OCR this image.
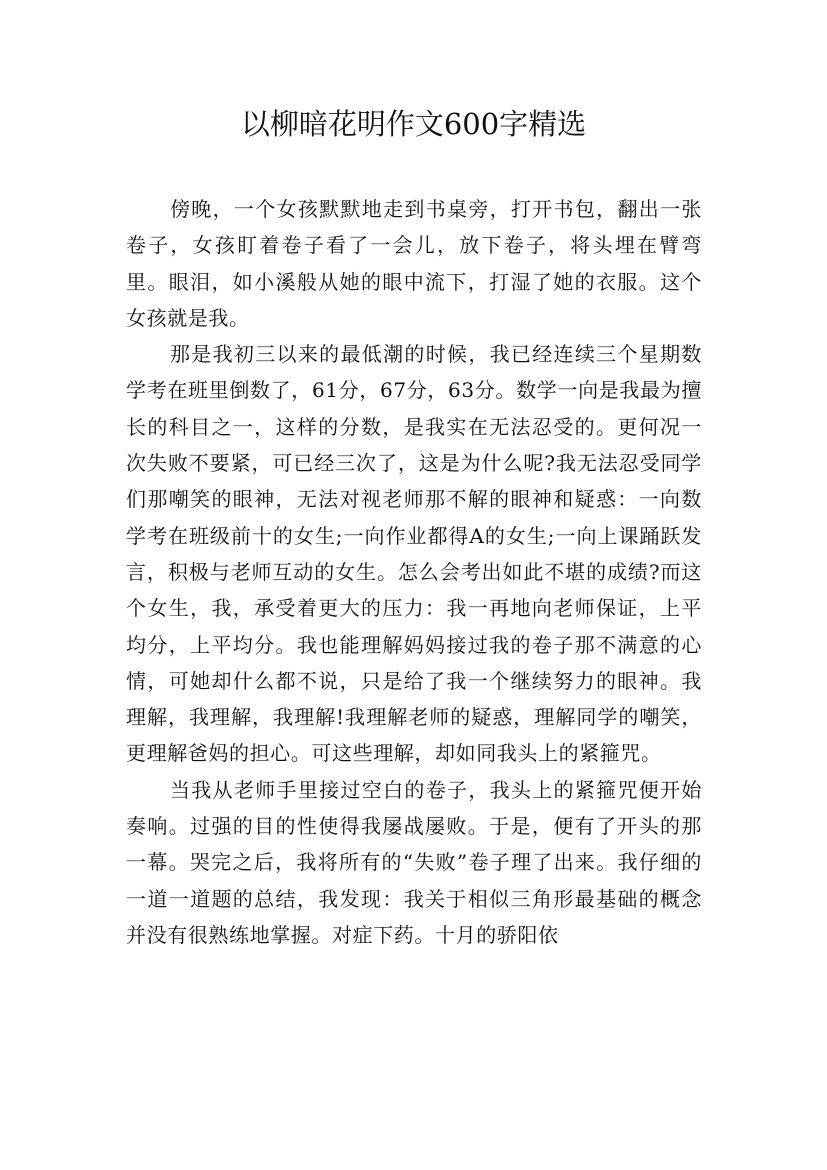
以柳暗花明作文600字精选

傍晚，一个女孩默默地走到书桌旁，打开书包，翻出一张卷子，女孩盯着卷子看了一会儿，放下卷子，将头埋在臂弯里。眼泪，如小溪般从她的眼中流下，打湿了她的衣服。这个女孩就是我。

那是我初三以来的最低潮的时候，我已经连续三个星期数学考在班里倒数了，61分，67分，63分。数学一向是我最为擅长的科目之一，这样的分数，是我实在无法忍受的。更何况一次失败不要紧，可已经三次了，这是为什么呢?我无法忍受同学们那嘲笑的眼神，无法对视老师那不解的眼神和疑惑：一向数学考在班级前十的女生;一向作业都得A的女生;一向上课踊跃发言，积极与老师互动的女生。怎么会考出如此不堪的成绩?而这个女生，我，承受着更大的压力：我一再地向老师保证，上平均分，上平均分。我也能理解妈妈接过我的卷子那不满意的心情，可她却什么都不说，只是给了我一个继续努力的眼神。我理解，我理解，我理解!我理解老师的疑惑，理解同学的嘲笑，更理解爸妈的担心。可这些理解，却如同我头上的紧箍咒。

当我从老师手里接过空白的卷子，我头上的紧箍咒便开始奏响。过强的目的性使得我屡战屡败。于是，便有了开头的那一幕。哭完之后，我将所有的“失败”卷子理了出来。我仔细的一道一道题的总结，我发现：我关于相似三角形最基础的概念并没有很熟练地掌握。对症下药。十月的骄阳依
